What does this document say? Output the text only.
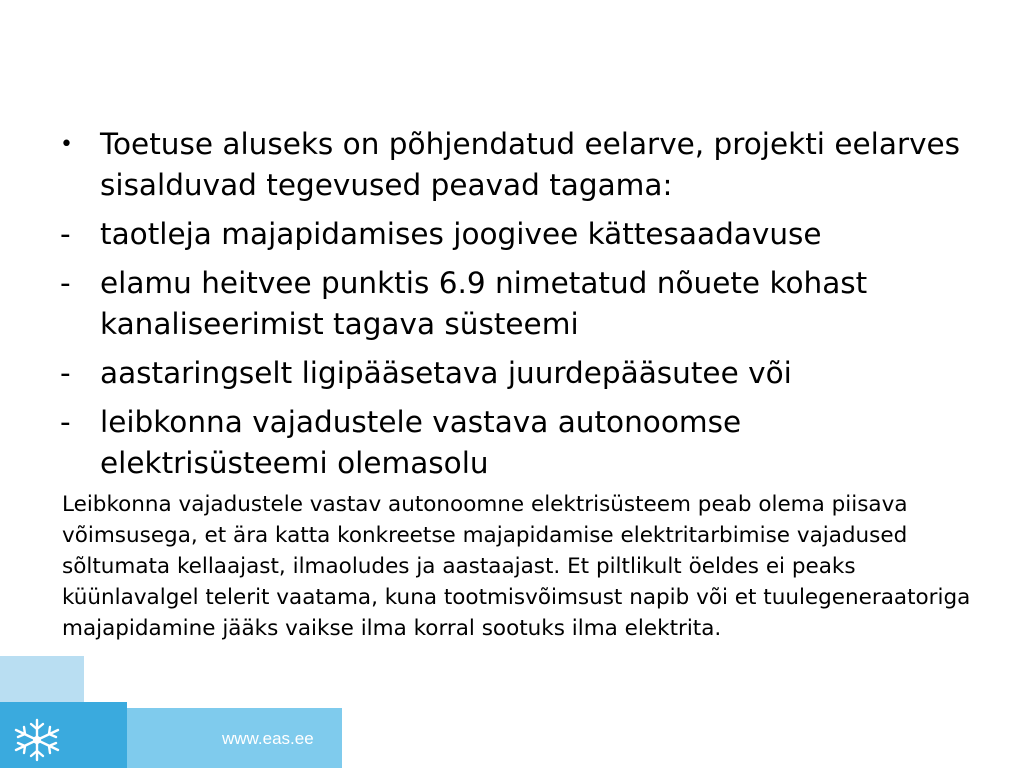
• Toetuse aluseks on põhjendatud eelarve, projekti eelarves sisalduvad tegevused peavad tagama:
- taotleja majapidamises joogivee kättesaadavuse
- elamu heitvee punktis 6.9 nimetatud nõuete kohast kanaliseerimist tagava süsteemi
- aastaringselt ligipääsetava juurdepääsutee või
- leibkonna vajadustele vastava autonoomse elektrisüsteemi olemasolu

Leibkonna vajadustele vastav autonoomne elektrisüsteem peab olema piisava võimsusega, et ära katta konkreetse majapidamise elektritarbimise vajadused sõltumata kellaajast, ilmaoludes ja aastaajast. Et piltlikult öeldes ei peaks küünlavalgel telerit vaatama, kuna tootmisvõimsust napib või et tuulegeneraatoriga majapidamine jääks vaikse ilma korral sootuks ilma elektrita.

www.eas.ee
